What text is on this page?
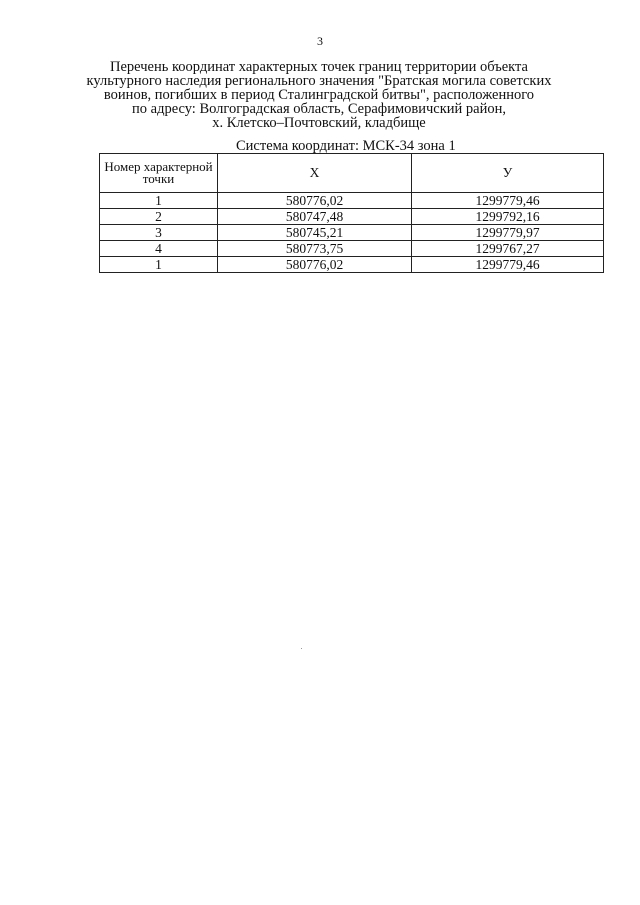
3
Перечень координат характерных точек границ территории объекта
культурного наследия регионального значения "Братская могила советских
воинов, погибших в период Сталинградской битвы", расположенного
по адресу: Волгоградская область, Серафимовичский район,
х. Клетско–Почтовский, кладбище
Система координат: МСК-34 зона 1
Номер характерной точки	X	У
1	580776,02	1299779,46
2	580747,48	1299792,16
3	580745,21	1299779,97
4	580773,75	1299767,27
1	580776,02	1299779,46
